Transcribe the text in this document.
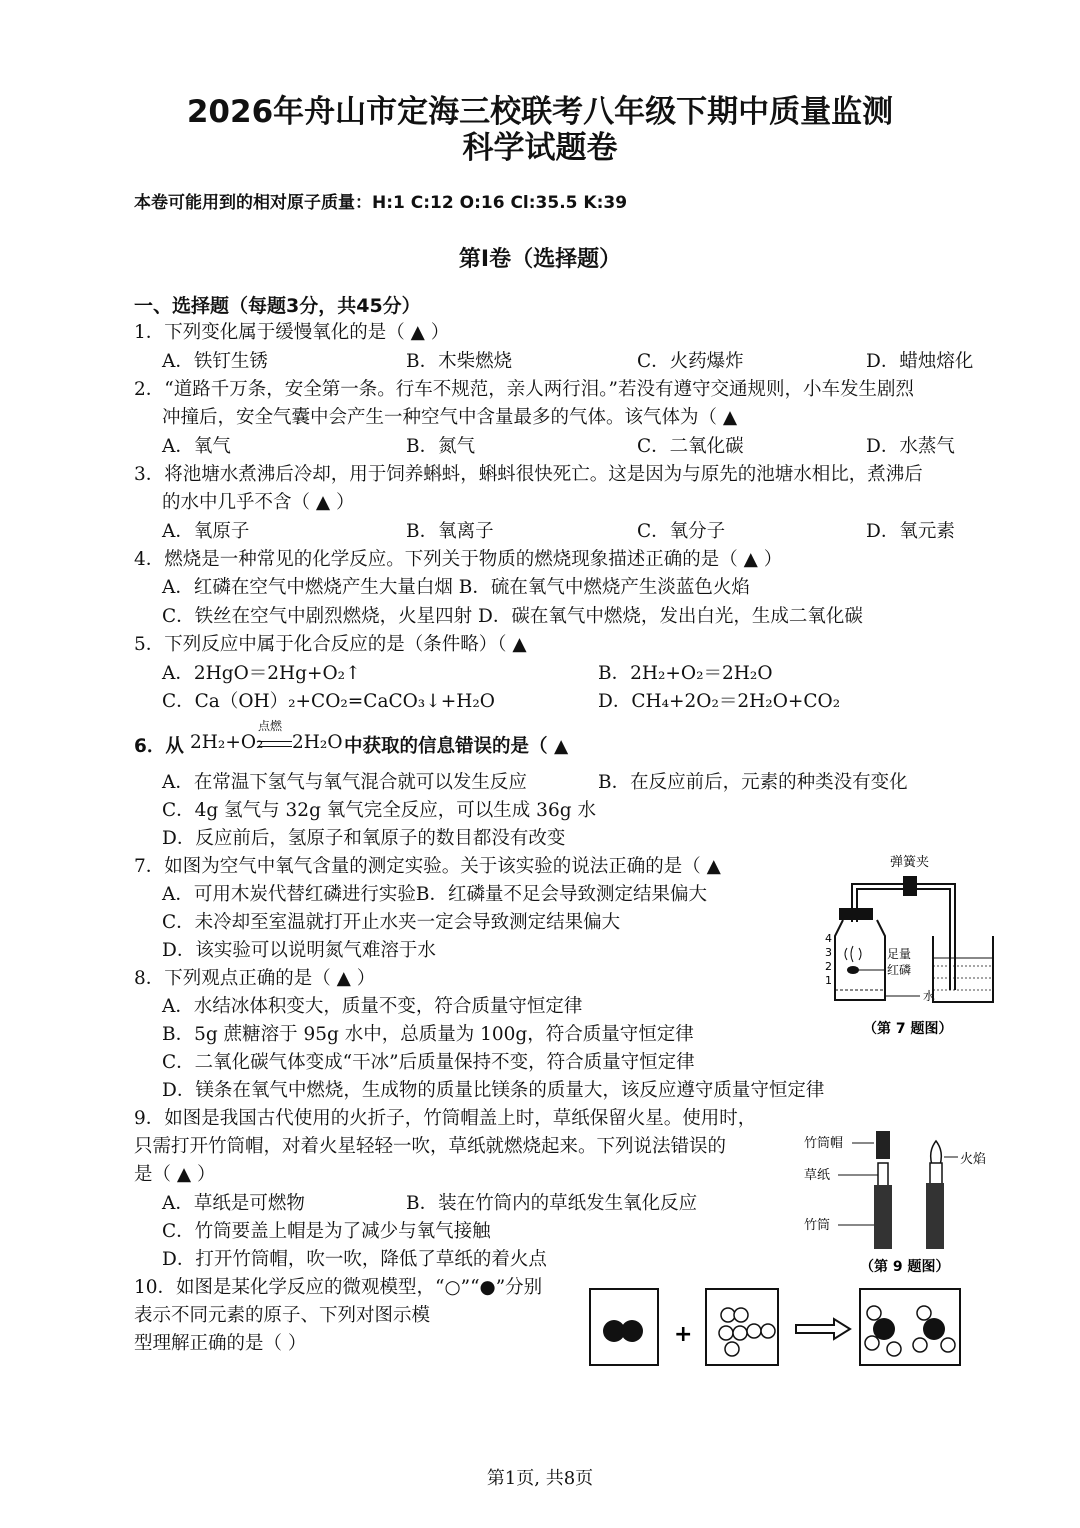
2026年舟山市定海三校联考八年级下期中质量监测
科学试题卷
本卷可能用到的相对原子质量：H:1 C:12 O:16 Cl:35.5 K:39
第Ⅰ卷（选择题）
一、选择题（每题3分，共45分）
1．下列变化属于缓慢氧化的是（ ▲ ）
A．铁钉生锈	B．木柴燃烧	C．火药爆炸	D．蜡烛熔化
2．“道路千万条，安全第一条。行车不规范，亲人两行泪。”若没有遵守交通规则，小车发生剧烈
冲撞后，安全气囊中会产生一种空气中含量最多的气体。该气体为（ ▲
A．氧气	B．氮气	C．二氧化碳	D．水蒸气
3．将池塘水煮沸后冷却，用于饲养蝌蚪，蝌蚪很快死亡。这是因为与原先的池塘水相比，煮沸后
的水中几乎不含（ ▲ ）
A．氧原子	B．氧离子	C．氧分子	D．氧元素
4．燃烧是一种常见的化学反应。下列关于物质的燃烧现象描述正确的是（ ▲ ）
A．红磷在空气中燃烧产生大量白烟 B．硫在氧气中燃烧产生淡蓝色火焰
C．铁丝在空气中剧烈燃烧，火星四射 D．碳在氧气中燃烧，发出白光，生成二氧化碳
5．下列反应中属于化合反应的是（条件略）（ ▲
A．2HgO＝2Hg+O₂↑	B．2H₂+O₂＝2H₂O
C．Ca（OH）₂+CO₂=CaCO₃↓+H₂O	D．CH₄+2O₂＝2H₂O+CO₂
6．从 2H₂+O₂
点燃
2H₂O 中获取的信息错误的是（ ▲
A．在常温下氢气与氧气混合就可以发生反应	B．在反应前后，元素的种类没有变化
C．4g 氢气与 32g 氧气完全反应，可以生成 36g 水
D．反应前后，氢原子和氧原子的数目都没有改变
7．如图为空气中氧气含量的测定实验。关于该实验的说法正确的是（ ▲
A．可用木炭代替红磷进行实验B．红磷量不足会导致测定结果偏大
C．未冷却至室温就打开止水夹一定会导致测定结果偏大
D．该实验可以说明氮气难溶于水
弹簧夹
4
3
2
1
足量
红磷
水
（第 7 题图）
8．下列观点正确的是（ ▲ ）
A．水结冰体积变大，质量不变，符合质量守恒定律
B．5g 蔗糖溶于 95g 水中，总质量为 100g，符合质量守恒定律
C．二氧化碳气体变成“干冰”后质量保持不变，符合质量守恒定律
D．镁条在氧气中燃烧，生成物的质量比镁条的质量大，该反应遵守质量守恒定律
9．如图是我国古代使用的火折子，竹筒帽盖上时，草纸保留火星。使用时，
只需打开竹筒帽，对着火星轻轻一吹，草纸就燃烧起来。下列说法错误的
是（ ▲ ）
A．草纸是可燃物	B．装在竹筒内的草纸发生氧化反应
C．竹筒要盖上帽是为了减少与氧气接触
D．打开竹筒帽，吹一吹，降低了草纸的着火点
竹筒帽
草纸
竹筒
火焰
（第 9 题图）
10．如图是某化学反应的微观模型，“○”“●”分别
表示不同元素的原子、下列对图示模
型理解正确的是（ ）	+
第1页, 共8页
